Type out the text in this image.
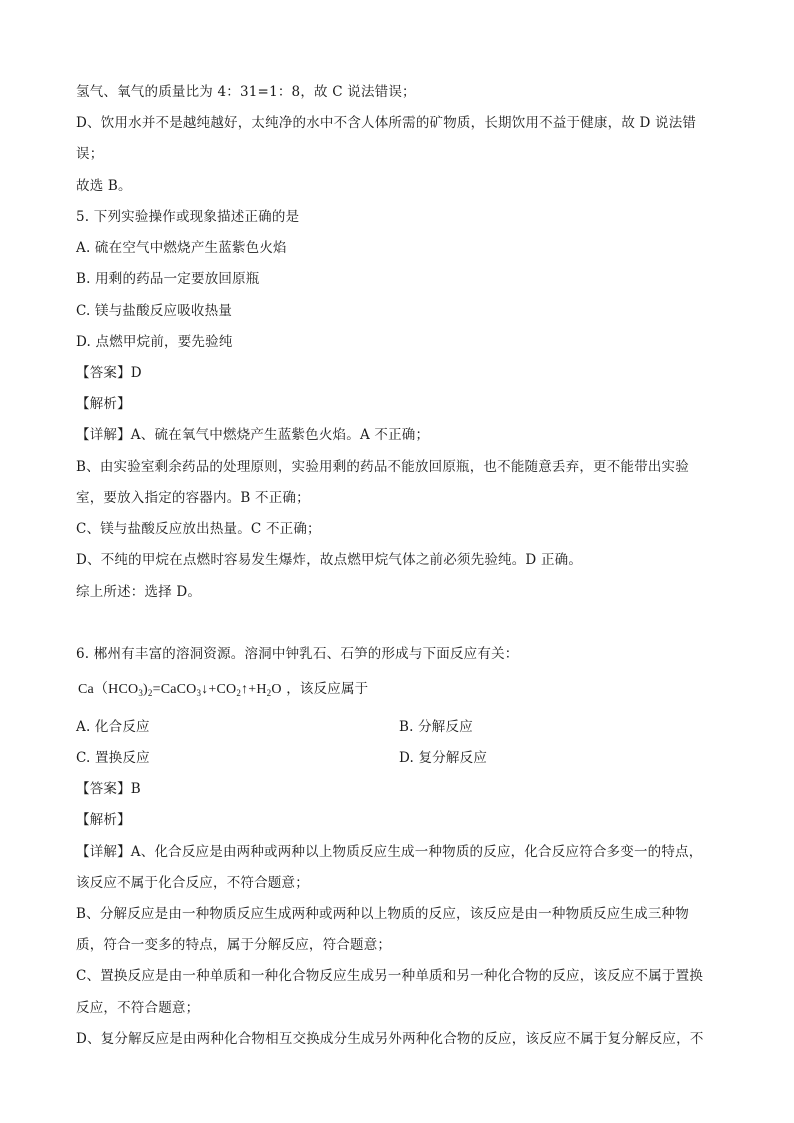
氢气、氧气的质量比为 4：31=1：8，故 C 说法错误；
D、饮用水并不是越纯越好，太纯净的水中不含人体所需的矿物质，长期饮用不益于健康，故 D 说法错
误；
故选 B。
5. 下列实验操作或现象描述正确的是
A. 硫在空气中燃烧产生蓝紫色火焰
B. 用剩的药品一定要放回原瓶
C. 镁与盐酸反应吸收热量
D. 点燃甲烷前，要先验纯
【答案】D
【解析】
【详解】A、硫在氧气中燃烧产生蓝紫色火焰。A 不正确；
B、由实验室剩余药品的处理原则，实验用剩的药品不能放回原瓶，也不能随意丢弃，更不能带出实验
室，要放入指定的容器内。B 不正确；
C、镁与盐酸反应放出热量。C 不正确；
D、不纯的甲烷在点燃时容易发生爆炸，故点燃甲烷气体之前必须先验纯。D 正确。
综上所述：选择 D。
6. 郴州有丰富的溶洞资源。溶洞中钟乳石、石笋的形成与下面反应有关：
$Ca(HCO_3)_2=CaCO_3↓+CO_2↑+H_2O$ ，该反应属于
A. 化合反应	B. 分解反应
C. 置换反应	D. 复分解反应
【答案】B
【解析】
【详解】A、化合反应是由两种或两种以上物质反应生成一种物质的反应，化合反应符合多变一的特点，
该反应不属于化合反应，不符合题意；
B、分解反应是由一种物质反应生成两种或两种以上物质的反应，该反应是由一种物质反应生成三种物
质，符合一变多的特点，属于分解反应，符合题意；
C、置换反应是由一种单质和一种化合物反应生成另一种单质和另一种化合物的反应，该反应不属于置换
反应，不符合题意；
D、复分解反应是由两种化合物相互交换成分生成另外两种化合物的反应，该反应不属于复分解反应，不
